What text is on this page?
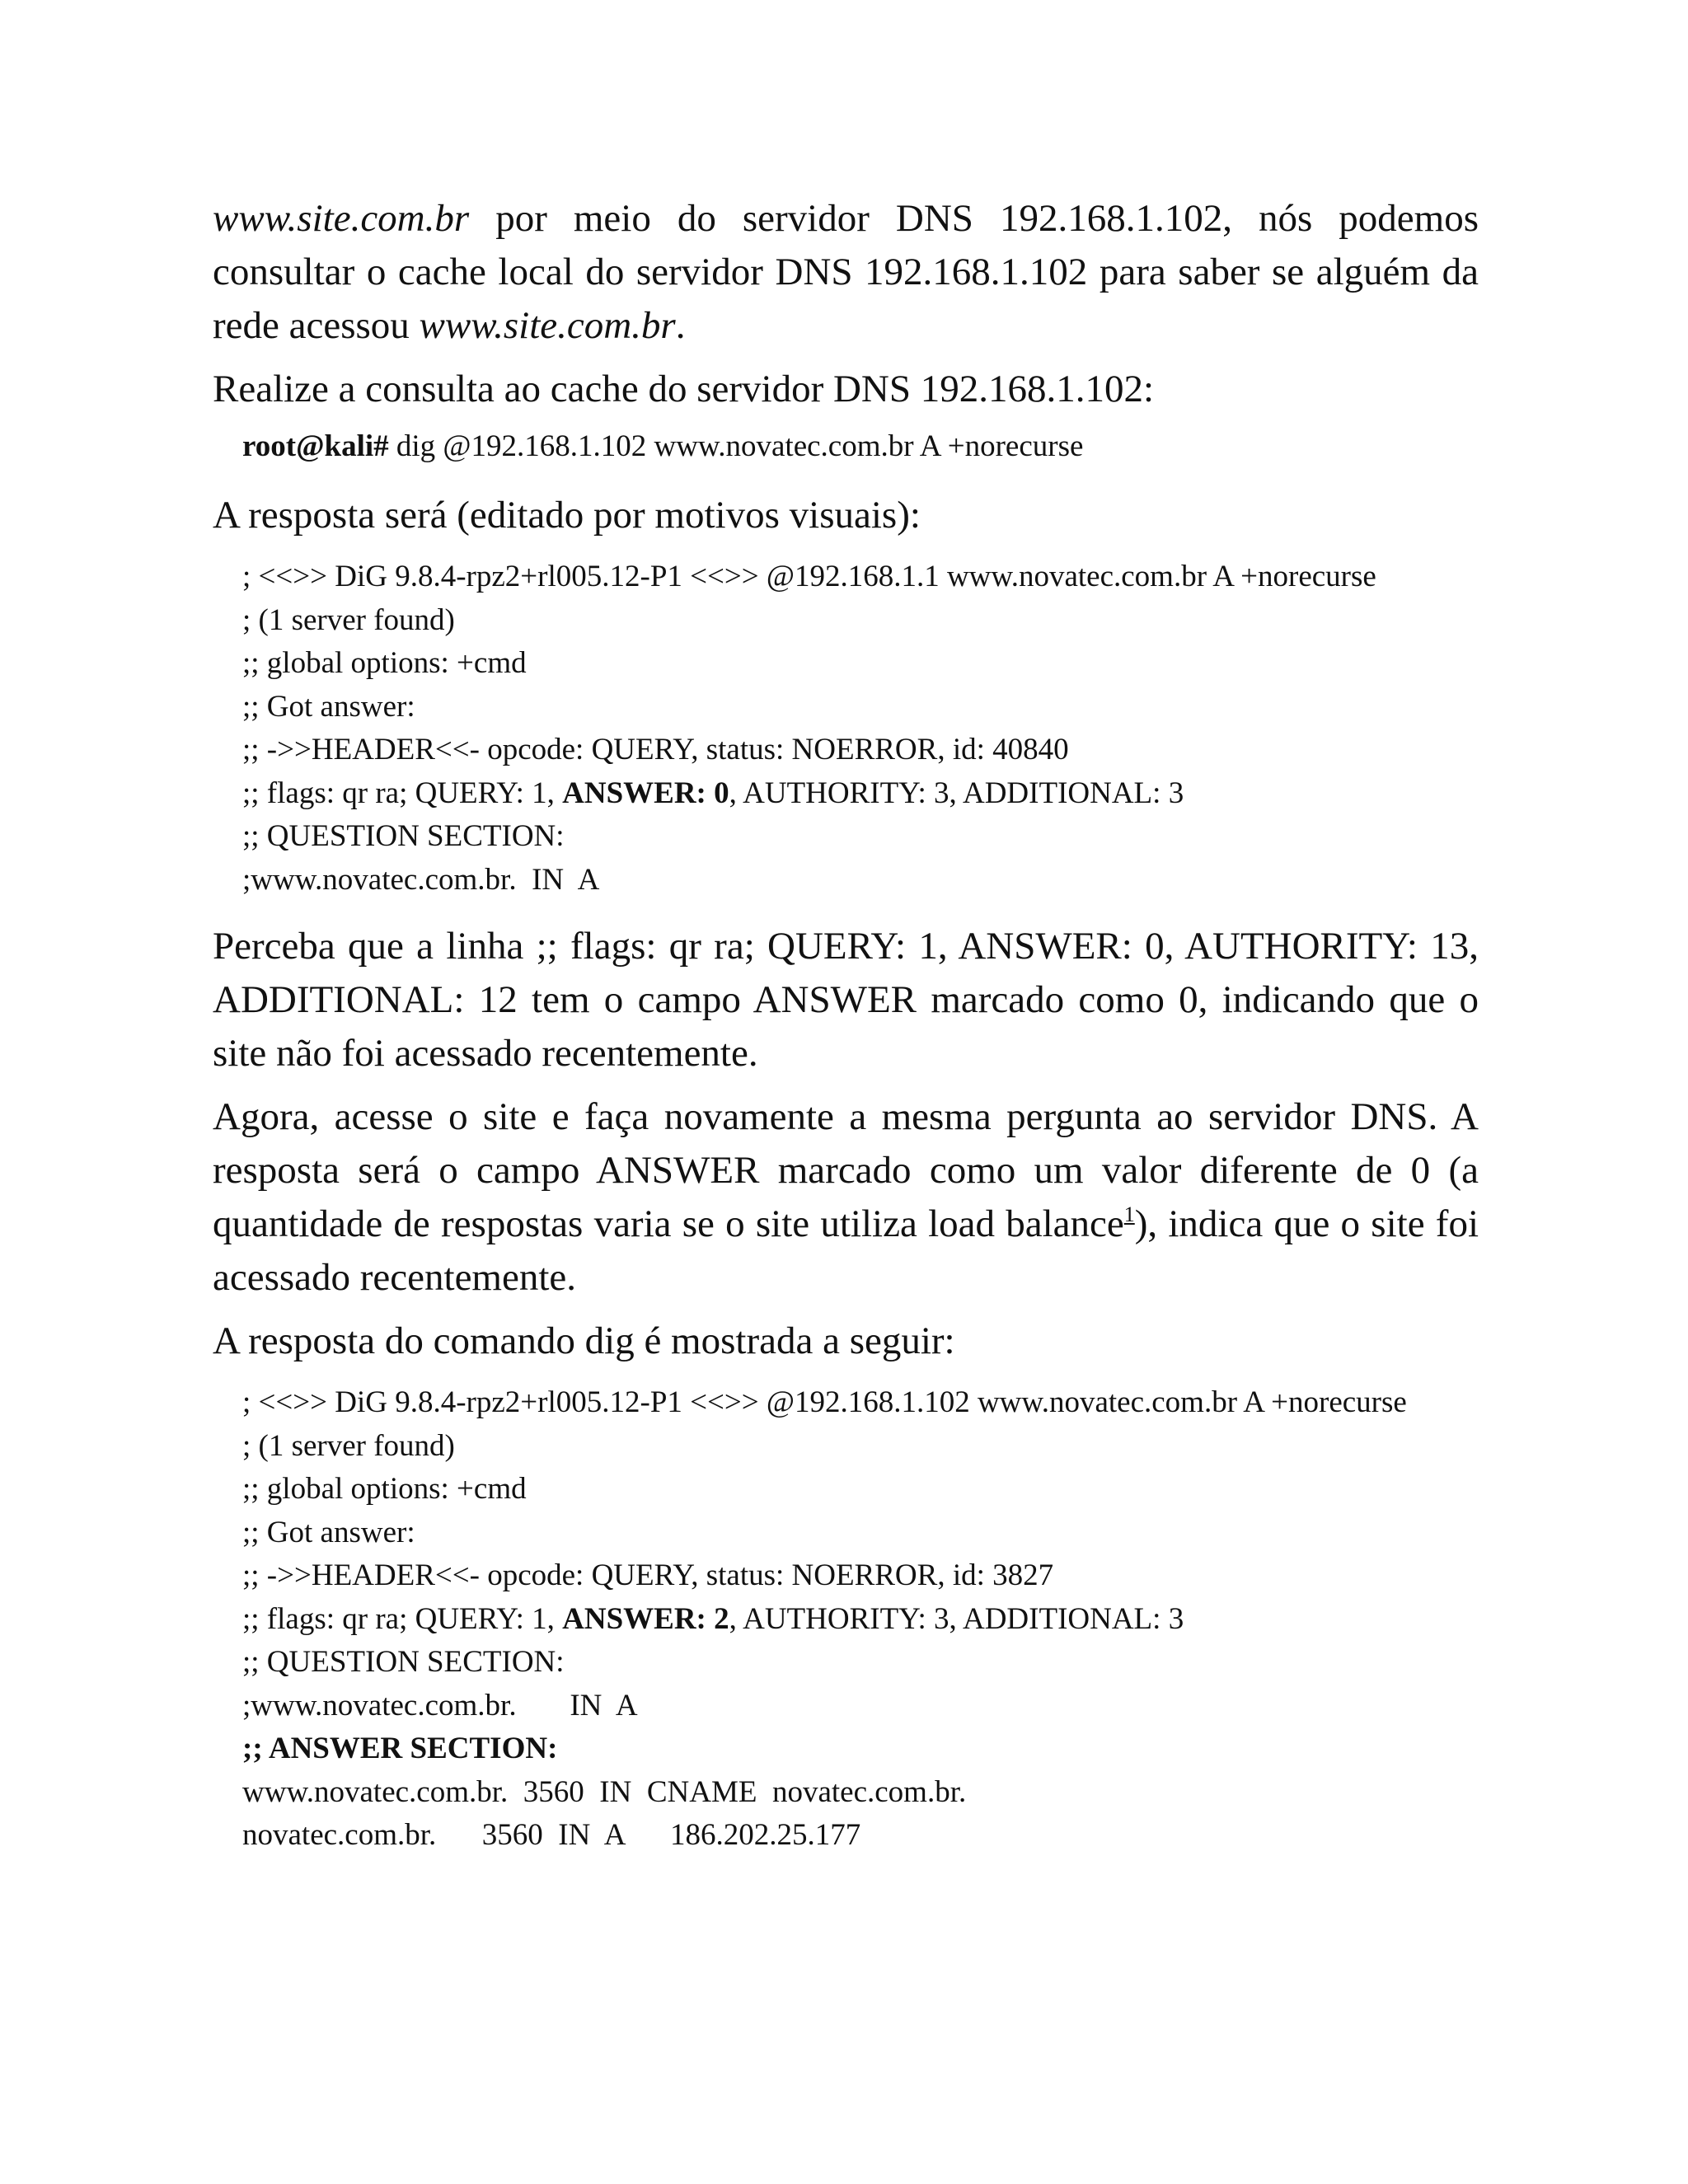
www.site.com.br por meio do servidor DNS 192.168.1.102, nós podemos consultar o cache local do servidor DNS 192.168.1.102 para saber se alguém da rede acessou www.site.com.br.

Realize a consulta ao cache do servidor DNS 192.168.1.102:

root@kali# dig @192.168.1.102 www.novatec.com.br A +norecurse

A resposta será (editado por motivos visuais):

; <<>> DiG 9.8.4-rpz2+rl005.12-P1 <<>> @192.168.1.1 www.novatec.com.br A +norecurse
; (1 server found)
;; global options: +cmd
;; Got answer:
;; ->>HEADER<<- opcode: QUERY, status: NOERROR, id: 40840
;; flags: qr ra; QUERY: 1, ANSWER: 0, AUTHORITY: 3, ADDITIONAL: 3
;; QUESTION SECTION:
;www.novatec.com.br.  IN  A

Perceba que a linha ;; flags: qr ra; QUERY: 1, ANSWER: 0, AUTHORITY: 13, ADDITIONAL: 12 tem o campo ANSWER marcado como 0, indicando que o site não foi acessado recentemente.

Agora, acesse o site e faça novamente a mesma pergunta ao servidor DNS. A resposta será o campo ANSWER marcado como um valor diferente de 0 (a quantidade de respostas varia se o site utiliza load balance$^1$), indica que o site foi acessado recentemente.

A resposta do comando dig é mostrada a seguir:

; <<>> DiG 9.8.4-rpz2+rl005.12-P1 <<>> @192.168.1.102 www.novatec.com.br A +norecurse
; (1 server found)
;; global options: +cmd
;; Got answer:
;; ->>HEADER<<- opcode: QUERY, status: NOERROR, id: 3827
;; flags: qr ra; QUERY: 1, ANSWER: 2, AUTHORITY: 3, ADDITIONAL: 3
;; QUESTION SECTION:
;www.novatec.com.br.       IN  A
;; ANSWER SECTION:
www.novatec.com.br.  3560  IN  CNAME  novatec.com.br.
novatec.com.br.      3560  IN  A      186.202.25.177
